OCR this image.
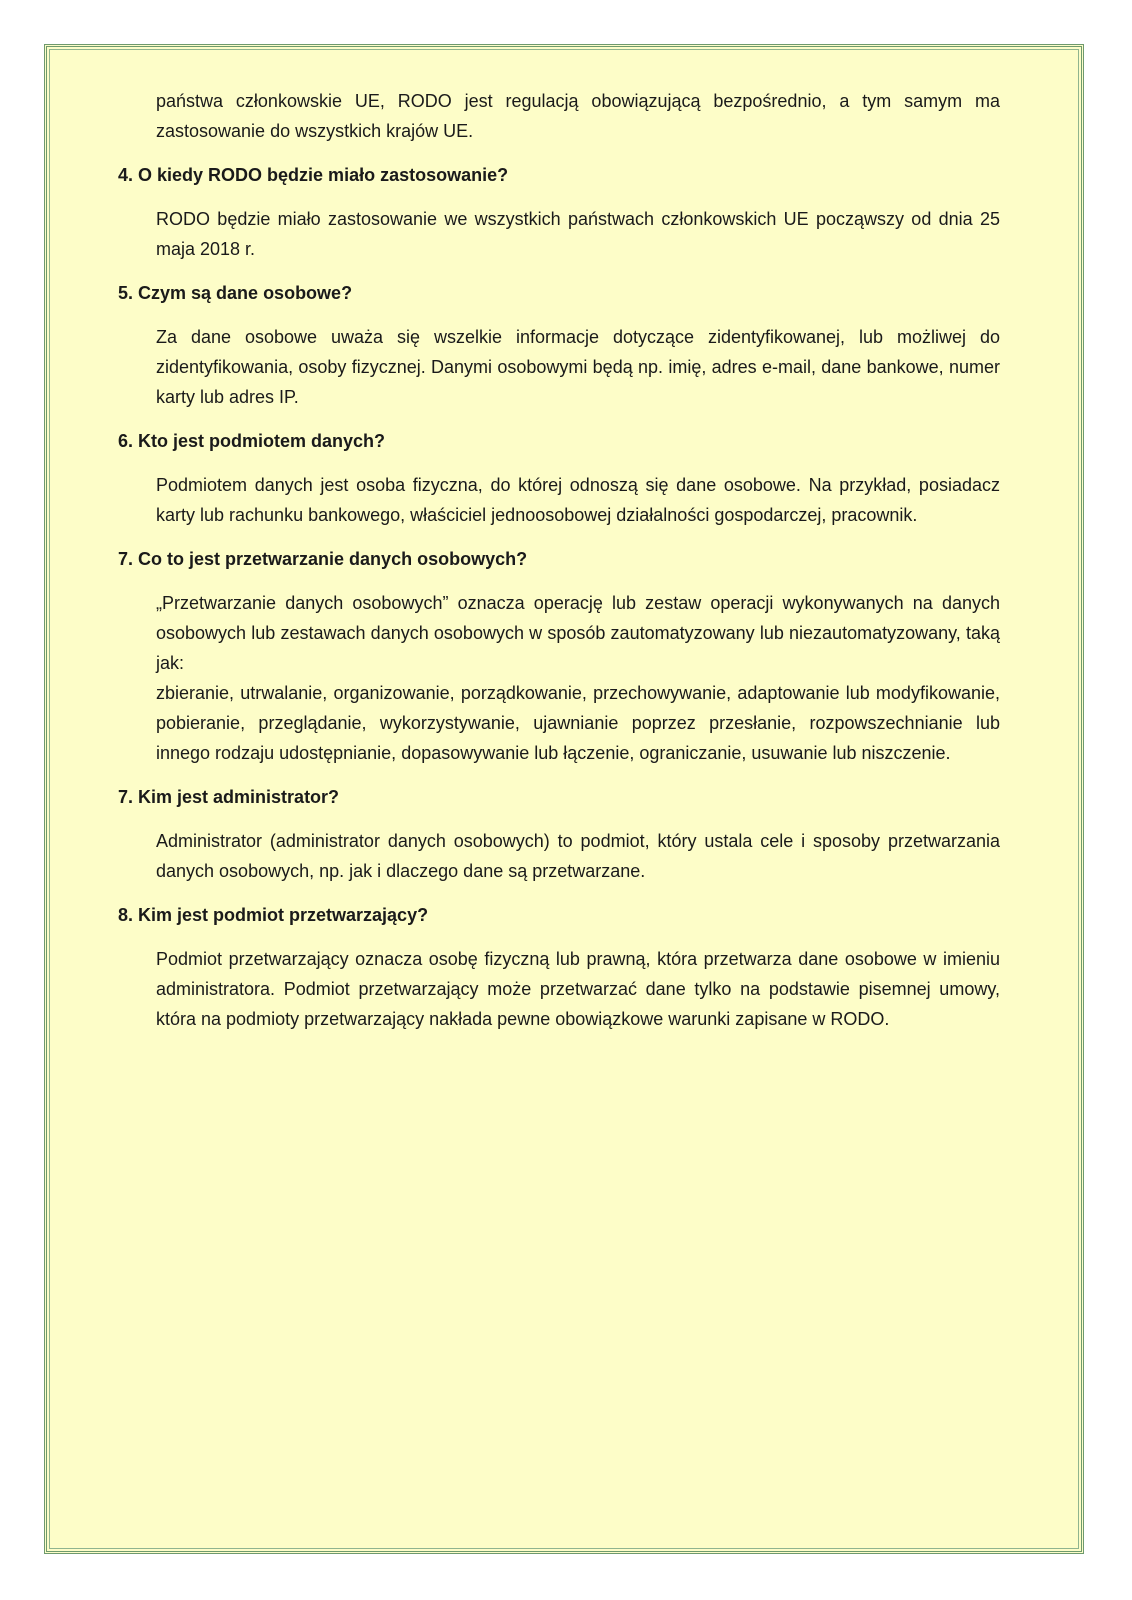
państwa członkowskie UE, RODO jest regulacją obowiązującą bezpośrednio, a tym samym ma zastosowanie do wszystkich krajów UE.

4. O kiedy RODO będzie miało zastosowanie?

RODO będzie miało zastosowanie we wszystkich państwach członkowskich UE począwszy od dnia 25 maja 2018 r.

5. Czym są dane osobowe?

Za dane osobowe uważa się wszelkie informacje dotyczące zidentyfikowanej, lub możliwej do zidentyfikowania, osoby fizycznej. Danymi osobowymi będą np. imię, adres e-mail, dane bankowe, numer karty lub adres IP.

6. Kto jest podmiotem danych?

Podmiotem danych jest osoba fizyczna, do której odnoszą się dane osobowe. Na przykład, posiadacz karty lub rachunku bankowego, właściciel jednoosobowej działalności gospodarczej, pracownik.

7. Co to jest przetwarzanie danych osobowych?

„Przetwarzanie danych osobowych” oznacza operację lub zestaw operacji wykonywanych na danych osobowych lub zestawach danych osobowych w sposób zautomatyzowany lub niezautomatyzowany, taką jak:

zbieranie, utrwalanie, organizowanie, porządkowanie, przechowywanie, adaptowanie lub modyfikowanie, pobieranie, przeglądanie, wykorzystywanie, ujawnianie poprzez przesłanie, rozpowszechnianie lub innego rodzaju udostępnianie, dopasowywanie lub łączenie, ograniczanie, usuwanie lub niszczenie.

7. Kim jest administrator?

Administrator (administrator danych osobowych) to podmiot, który ustala cele i sposoby przetwarzania danych osobowych, np. jak i dlaczego dane są przetwarzane.

8. Kim jest podmiot przetwarzający?

Podmiot przetwarzający oznacza osobę fizyczną lub prawną, która przetwarza dane osobowe w imieniu administratora. Podmiot przetwarzający może przetwarzać dane tylko na podstawie pisemnej umowy, która na podmioty przetwarzający nakłada pewne obowiązkowe warunki zapisane w RODO.
